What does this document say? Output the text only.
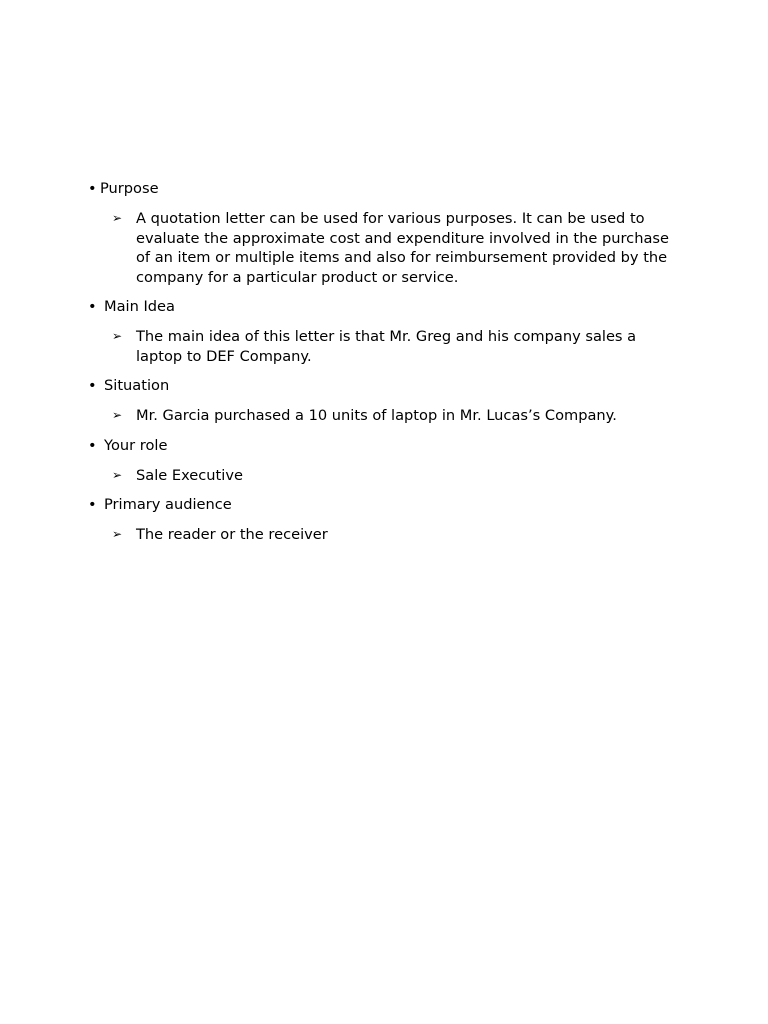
• Purpose
➢ A quotation letter can be used for various purposes. It can be used to evaluate the approximate cost and expenditure involved in the purchase of an item or multiple items and also for reimbursement provided by the company for a particular product or service.
• Main Idea
➢ The main idea of this letter is that Mr. Greg and his company sales a laptop to DEF Company.
• Situation
➢ Mr. Garcia purchased a 10 units of laptop in Mr. Lucas’s Company.
• Your role
➢ Sale Executive
• Primary audience
➢ The reader or the receiver
